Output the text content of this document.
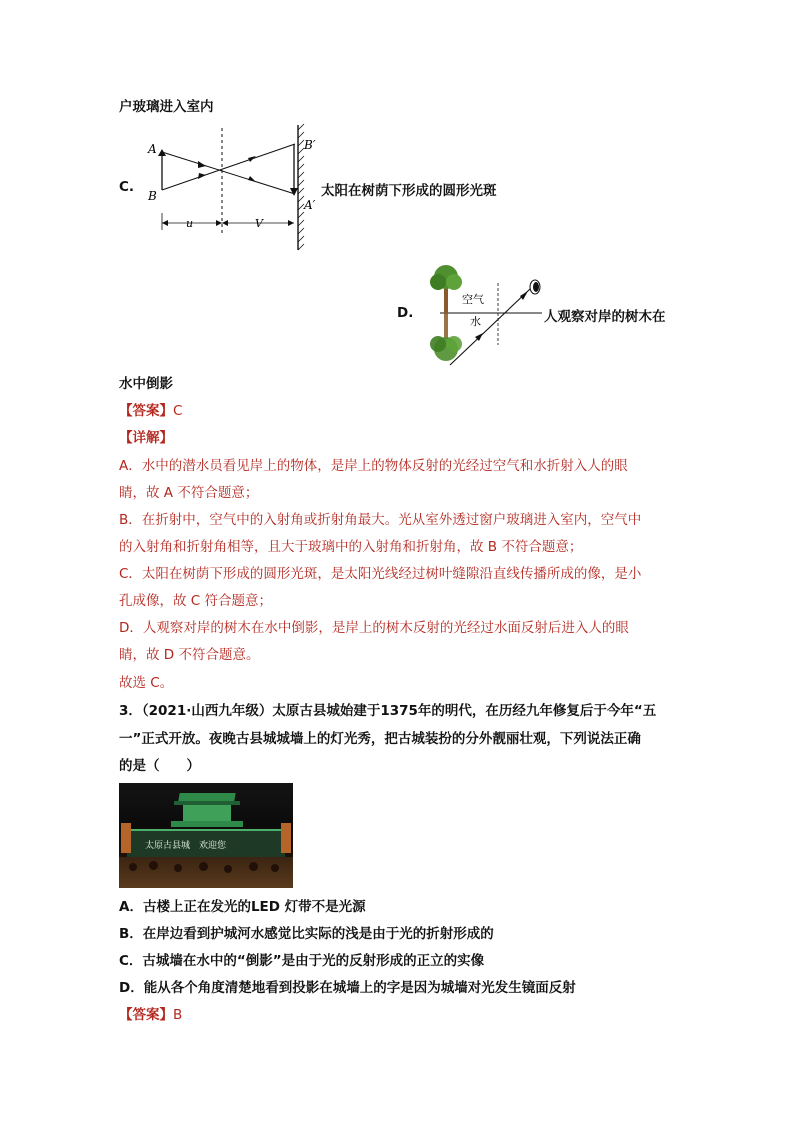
户玻璃进入室内
C.
A
B
B′
A′
u	V
太阳在树荫下形成的圆形光斑
D.
空气
水	人观察对岸的树木在
水中倒影
【答案】C
【详解】
A．水中的潜水员看见岸上的物体，是岸上的物体反射的光经过空气和水折射入人的眼
睛，故 A 不符合题意；
B．在折射中，空气中的入射角或折射角最大。光从室外透过窗户玻璃进入室内，空气中
的入射角和折射角相等，且大于玻璃中的入射角和折射角，故 B 不符合题意；
C．太阳在树荫下形成的圆形光斑，是太阳光线经过树叶缝隙沿直线传播所成的像，是小
孔成像，故 C 符合题意；
D．人观察对岸的树木在水中倒影，是岸上的树木反射的光经过水面反射后进入人的眼
睛，故 D 不符合题意。
故选 C。
3．（2021·山西九年级）太原古县城始建于1375年的明代，在历经九年修复后于今年“五
一”正式开放。夜晚古县城城墙上的灯光秀，把古城装扮的分外靓丽壮观，下列说法正确
的是（　　）
太原古县城　欢迎您
A．古楼上正在发光的LED 灯带不是光源
B．在岸边看到护城河水感觉比实际的浅是由于光的折射形成的
C．古城墙在水中的“倒影”是由于光的反射形成的正立的实像
D．能从各个角度清楚地看到投影在城墙上的字是因为城墙对光发生镜面反射
【答案】B
